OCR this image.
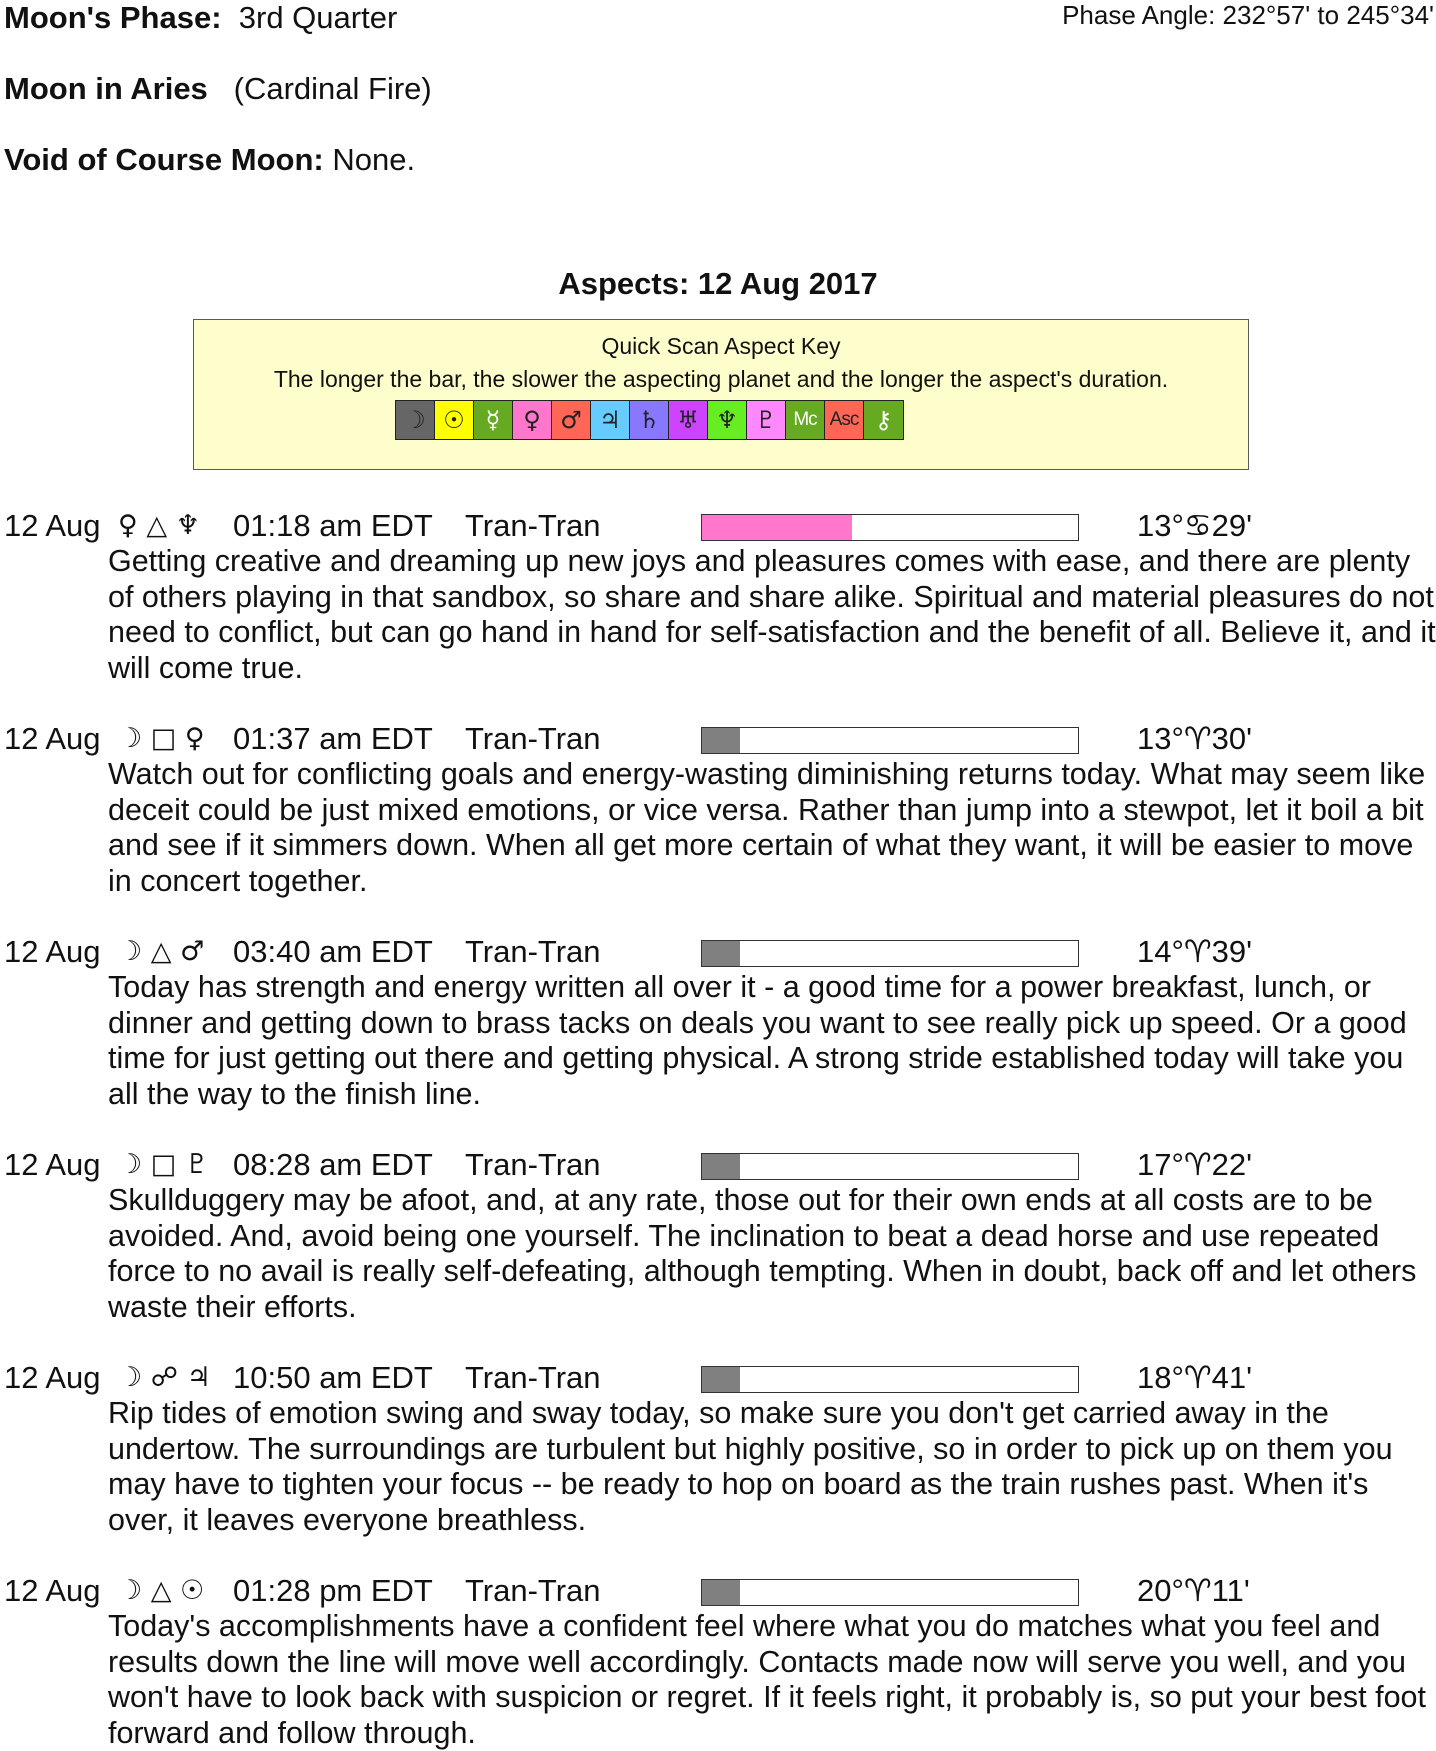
Moon's Phase: 3rd Quarter	Phase Angle: 232°57' to 245°34'
Moon in Aries (Cardinal Fire)
Void of Course Moon: None.
Aspects: 12 Aug 2017
Quick Scan Aspect Key
The longer the bar, the slower the aspecting planet and the longer the aspect's duration.
☽ ☉ ☿ ♀ ♂ ♃ ♄ ♅ ♆ ♇ Mc Asc ⚷
12 Aug ♀ △ ♆ 01:18 am EDT Tran-Tran	13°♋29'
Getting creative and dreaming up new joys and pleasures comes with ease, and there are plenty of others playing in that sandbox, so share and share alike. Spiritual and material pleasures do not need to conflict, but can go hand in hand for self-satisfaction and the benefit of all. Believe it, and it will come true.
12 Aug ☽ □ ♀ 01:37 am EDT Tran-Tran	13°♈30'
Watch out for conflicting goals and energy-wasting diminishing returns today. What may seem like deceit could be just mixed emotions, or vice versa. Rather than jump into a stewpot, let it boil a bit and see if it simmers down. When all get more certain of what they want, it will be easier to move in concert together.
12 Aug ☽ △ ♂ 03:40 am EDT Tran-Tran	14°♈39'
Today has strength and energy written all over it - a good time for a power breakfast, lunch, or dinner and getting down to brass tacks on deals you want to see really pick up speed. Or a good time for just getting out there and getting physical. A strong stride established today will take you all the way to the finish line.
12 Aug ☽ □ ♇ 08:28 am EDT Tran-Tran	17°♈22'
Skullduggery may be afoot, and, at any rate, those out for their own ends at all costs are to be avoided. And, avoid being one yourself. The inclination to beat a dead horse and use repeated force to no avail is really self-defeating, although tempting. When in doubt, back off and let others waste their efforts.
12 Aug ☽ ☍ ♃ 10:50 am EDT Tran-Tran	18°♈41'
Rip tides of emotion swing and sway today, so make sure you don't get carried away in the undertow. The surroundings are turbulent but highly positive, so in order to pick up on them you may have to tighten your focus -- be ready to hop on board as the train rushes past. When it's over, it leaves everyone breathless.
12 Aug ☽ △ ☉ 01:28 pm EDT Tran-Tran	20°♈11'
Today's accomplishments have a confident feel where what you do matches what you feel and results down the line will move well accordingly. Contacts made now will serve you well, and you won't have to look back with suspicion or regret. If it feels right, it probably is, so put your best foot forward and follow through.
